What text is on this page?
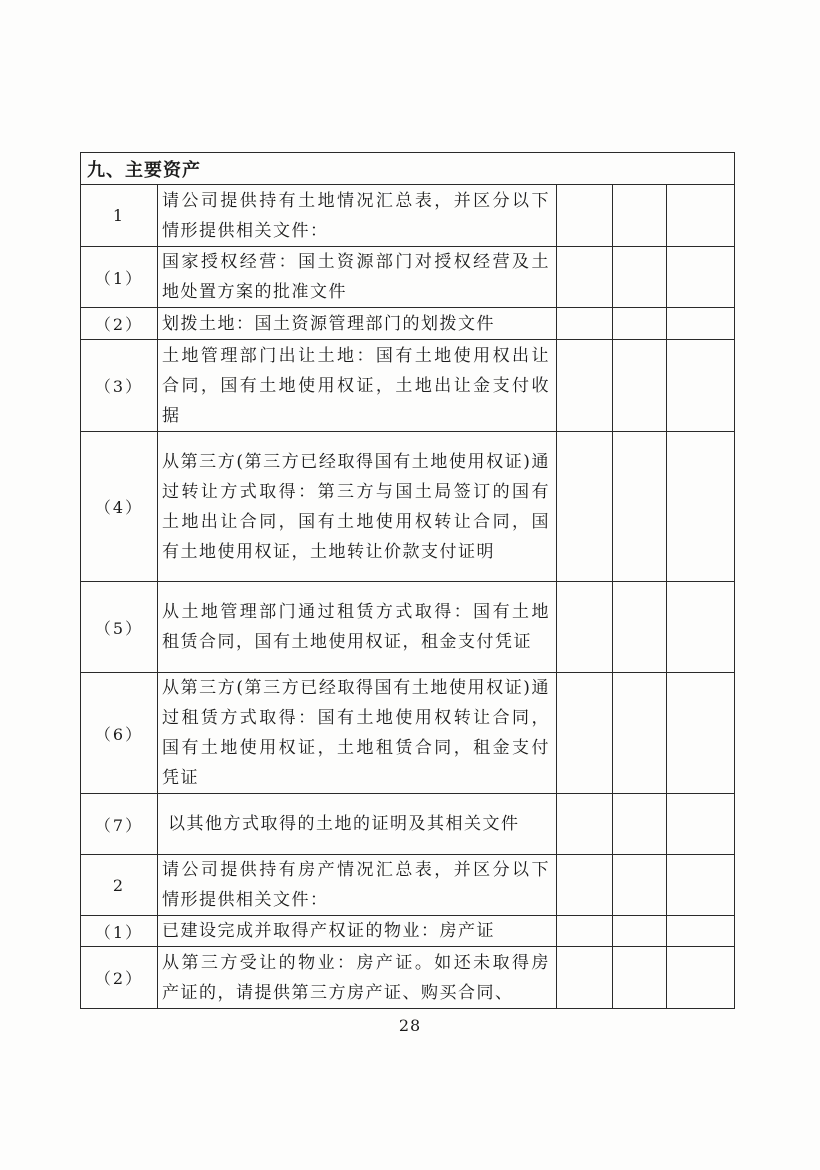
九、主要资产				
1	请公司提供持有土地情况汇总表，并区分以下情形提供相关文件：			
（1）	国家授权经营：国土资源部门对授权经营及土地处置方案的批准文件			
（2）	划拨土地：国土资源管理部门的划拨文件			
（3）	土地管理部门出让土地：国有土地使用权出让合同，国有土地使用权证，土地出让金支付收据			
（4）	从第三方(第三方已经取得国有土地使用权证)通过转让方式取得：第三方与国土局签订的国有土地出让合同，国有土地使用权转让合同，国有土地使用权证，土地转让价款支付证明			
（5）	从土地管理部门通过租赁方式取得：国有土地租赁合同，国有土地使用权证，租金支付凭证			
（6）	从第三方(第三方已经取得国有土地使用权证)通过租赁方式取得：国有土地使用权转让合同，国有土地使用权证，土地租赁合同，租金支付凭证			
（7）	以其他方式取得的土地的证明及其相关文件			
2	请公司提供持有房产情况汇总表，并区分以下情形提供相关文件：			
（1）	已建设完成并取得产权证的物业：房产证			
（2）	从第三方受让的物业：房产证。如还未取得房产证的，请提供第三方房产证、购买合同、			
28
